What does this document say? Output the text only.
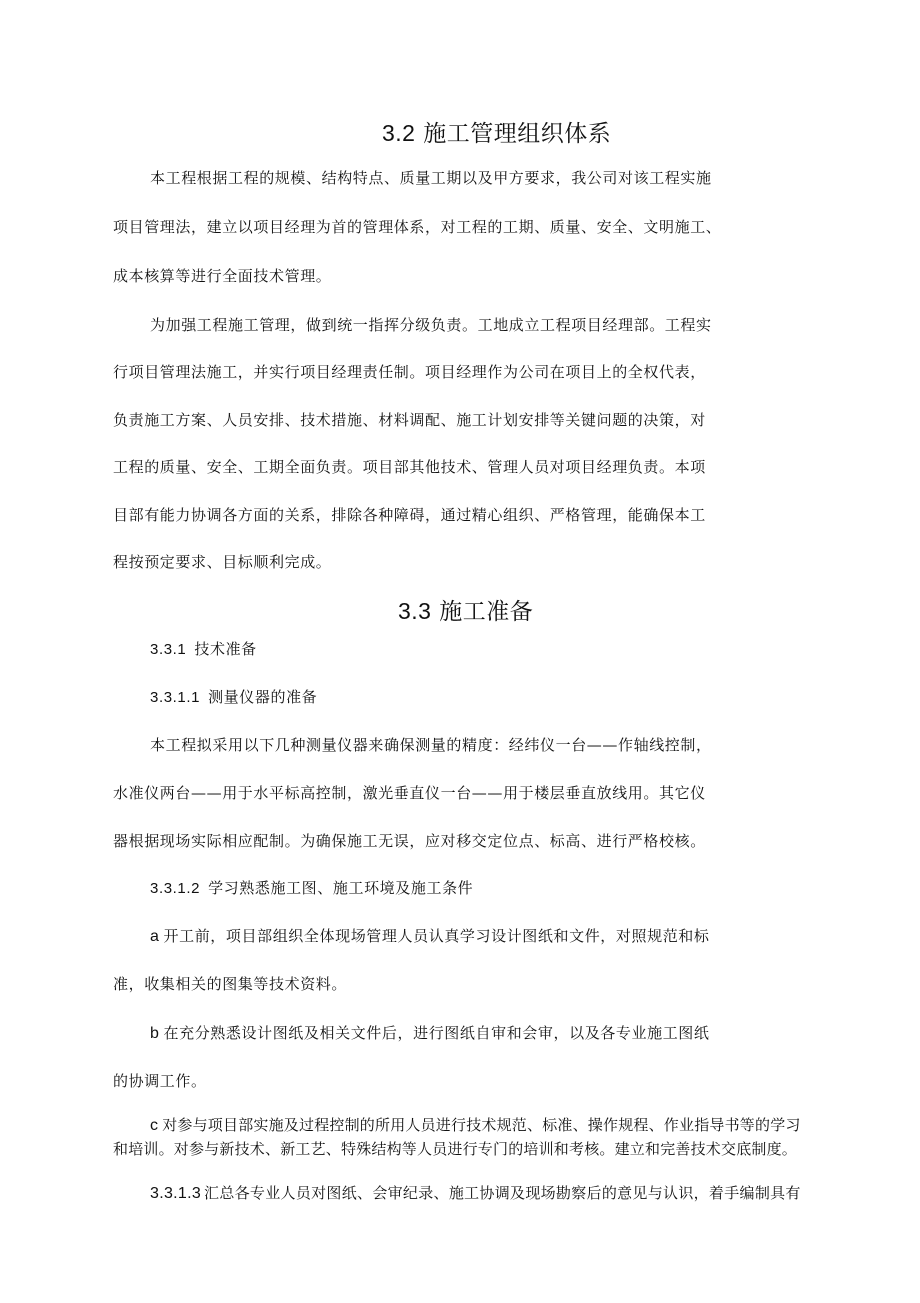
3.2 施工管理组织体系
本工程根据工程的规模、结构特点、质量工期以及甲方要求，我公司对该工程实施
项目管理法，建立以项目经理为首的管理体系，对工程的工期、质量、安全、文明施工、
成本核算等进行全面技术管理。
为加强工程施工管理，做到统一指挥分级负责。工地成立工程项目经理部。工程实
行项目管理法施工，并实行项目经理责任制。项目经理作为公司在项目上的全权代表，
负责施工方案、人员安排、技术措施、材料调配、施工计划安排等关键问题的决策，对
工程的质量、安全、工期全面负责。项目部其他技术、管理人员对项目经理负责。本项
目部有能力协调各方面的关系，排除各种障碍，通过精心组织、严格管理，能确保本工
程按预定要求、目标顺利完成。
3.3 施工准备
3.3.1 技术准备
3.3.1.1 测量仪器的准备
本工程拟采用以下几种测量仪器来确保测量的精度：经纬仪一台——作轴线控制，
水准仪两台——用于水平标高控制，激光垂直仪一台——用于楼层垂直放线用。其它仪
器根据现场实际相应配制。为确保施工无误，应对移交定位点、标高、进行严格校核。
3.3.1.2 学习熟悉施工图、施工环境及施工条件
a 开工前，项目部组织全体现场管理人员认真学习设计图纸和文件，对照规范和标
准，收集相关的图集等技术资料。
b 在充分熟悉设计图纸及相关文件后，进行图纸自审和会审，以及各专业施工图纸
的协调工作。
c 对参与项目部实施及过程控制的所用人员进行技术规范、标准、操作规程、作业指导书等的学习
和培训。对参与新技术、新工艺、特殊结构等人员进行专门的培训和考核。建立和完善技术交底制度。
3.3.1.3 汇总各专业人员对图纸、会审纪录、施工协调及现场勘察后的意见与认识，着手编制具有
